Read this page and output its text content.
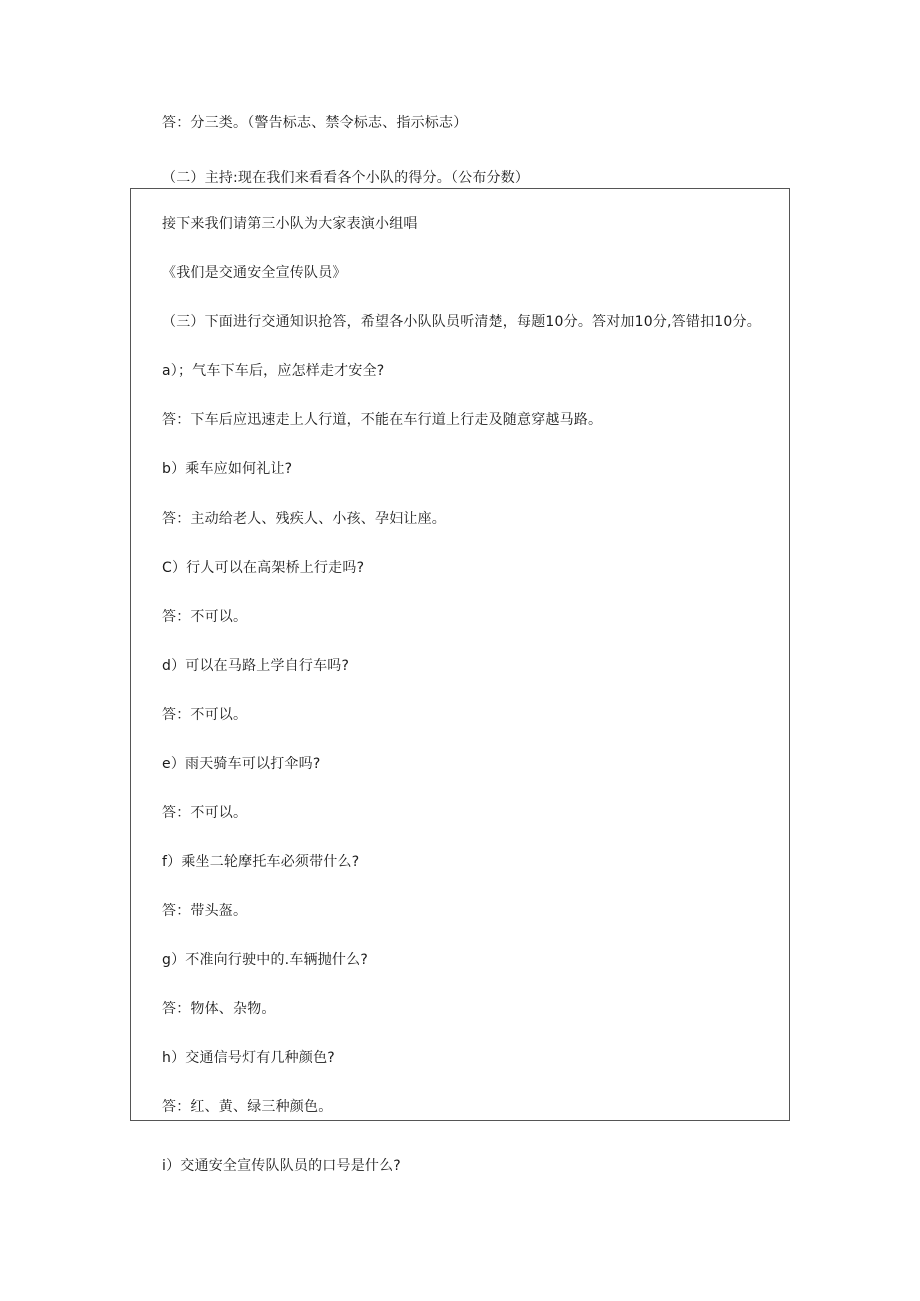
答：分三类。（警告标志、禁令标志、指示标志）
（二）主持:现在我们来看看各个小队的得分。（公布分数）
接下来我们请第三小队为大家表演小组唱
《我们是交通安全宣传队员》
（三）下面进行交通知识抢答，希望各小队队员听清楚，每题10分。答对加10分,答错扣10分。
a）；气车下车后，应怎样走才安全?
答：下车后应迅速走上人行道，不能在车行道上行走及随意穿越马路。
b）乘车应如何礼让?
答：主动给老人、残疾人、小孩、孕妇让座。
C）行人可以在高架桥上行走吗?
答：不可以。
d）可以在马路上学自行车吗?
答：不可以。
e）雨天骑车可以打伞吗?
答：不可以。
f）乘坐二轮摩托车必须带什么?
答：带头盔。
g）不准向行驶中的.车辆抛什么?
答：物体、杂物。
h）交通信号灯有几种颜色?
答：红、黄、绿三种颜色。
i）交通安全宣传队队员的口号是什么?
